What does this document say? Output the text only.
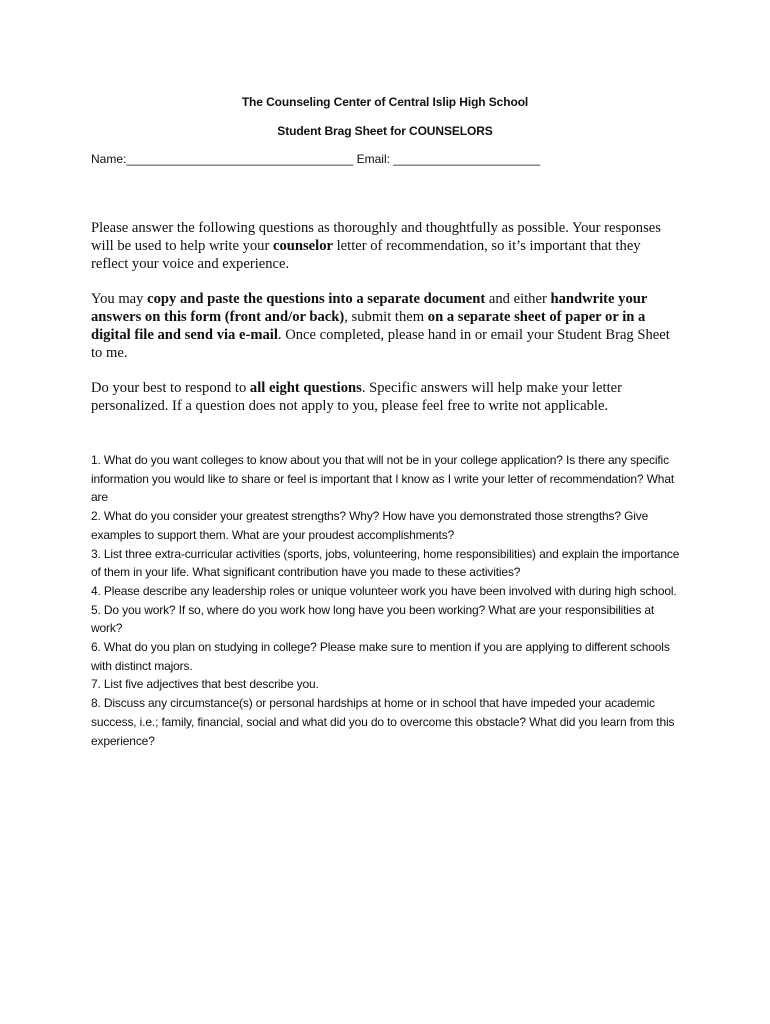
The Counseling Center of Central Islip High School
Student Brag Sheet for COUNSELORS
Name:__________________________________ Email: ______________________
Please answer the following questions as thoroughly and thoughtfully as possible. Your responses will be used to help write your counselor letter of recommendation, so it’s important that they reflect your voice and experience.
You may copy and paste the questions into a separate document and either handwrite your answers on this form (front and/or back), submit them on a separate sheet of paper or in a digital file and send via e-mail. Once completed, please hand in or email your Student Brag Sheet to me.
Do your best to respond to all eight questions. Specific answers will help make your letter personalized. If a question does not apply to you, please feel free to write not applicable.

1. What do you want colleges to know about you that will not be in your college application? Is there any specific information you would like to share or feel is important that I know as I write your letter of recommendation? What are

2. What do you consider your greatest strengths? Why? How have you demonstrated those strengths? Give examples to support them. What are your proudest accomplishments?

3. List three extra-curricular activities (sports, jobs, volunteering, home responsibilities) and explain the importance of them in your life. What significant contribution have you made to these activities?

4. Please describe any leadership roles or unique volunteer work you have been involved with during high school.

5. Do you work? If so, where do you work how long have you been working? What are your responsibilities at work?

6. What do you plan on studying in college? Please make sure to mention if you are applying to different schools with distinct majors.

7. List five adjectives that best describe you.

8. Discuss any circumstance(s) or personal hardships at home or in school that have impeded your academic success, i.e.; family, financial, social and what did you do to overcome this obstacle? What did you learn from this experience?
